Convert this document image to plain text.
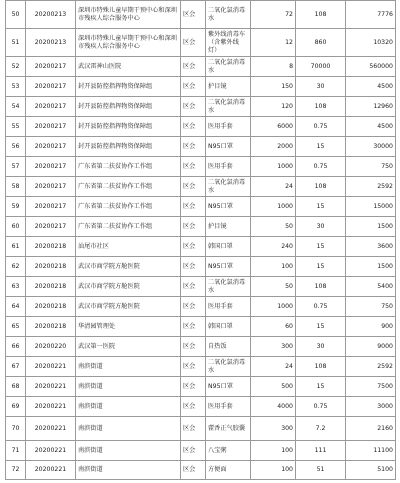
50	20200213	深圳市特殊儿童早期干预中心和深圳市残疾人综合服务中心	区会	二氧化氯消毒水	72	108	7776
51	20200213	深圳市特殊儿童早期干预中心和深圳市残疾人综合服务中心	区会	紫外线消毒车（含紫外线灯）	12	860	10320
52	20200217	武汉雷神山医院	区会	二氧化氯消毒水	8	70000	560000
53	20200217	封开县防控指挥物资保障组	区会	护目镜	150	30	4500
54	20200217	封开县防控指挥物资保障组	区会	二氧化氯消毒水	120	108	12960
55	20200217	封开县防控指挥物资保障组	区会	医用手套	6000	0.75	4500
56	20200217	封开县防控指挥物资保障组	区会	N95口罩	2000	15	30000
57	20200217	广东省第二扶贫协作工作组	区会	医用手套	1000	0.75	750
58	20200217	广东省第二扶贫协作工作组	区会	二氧化氯消毒水	24	108	2592
59	20200217	广东省第二扶贫协作工作组	区会	N95口罩	1000	15	15000
60	20200217	广东省第二扶贫协作工作组	区会	护目镜	50	30	1500
61	20200218	汕尾市社区	区会	韩国口罩	240	15	3600
62	20200218	武汉市商学院方舱医院	区会	N95口罩	100	15	1500
63	20200218	武汉市商学院方舱医院	区会	二氧化氯消毒水	50	108	5400
64	20200218	武汉市商学院方舱医院	区会	医用手套	1000	0.75	750
65	20200218	华清园管理处	区会	韩国口罩	60	15	900
66	20200220	武汉第一医院	区会	自热饭	300	30	9000
67	20200221	南滨街道	区会	二氧化氯消毒水	24	108	2592
68	20200221	南滨街道	区会	N95口罩	500	15	7500
69	20200221	南滨街道	区会	医用手套	4000	0.75	3000
70	20200221	南滨街道	区会	藿香正气胶囊	300	7.2	2160
71	20200221	南滨街道	区会	八宝粥	100	111	11100
72	20200221	南滨街道	区会	方便面	100	51	5100
